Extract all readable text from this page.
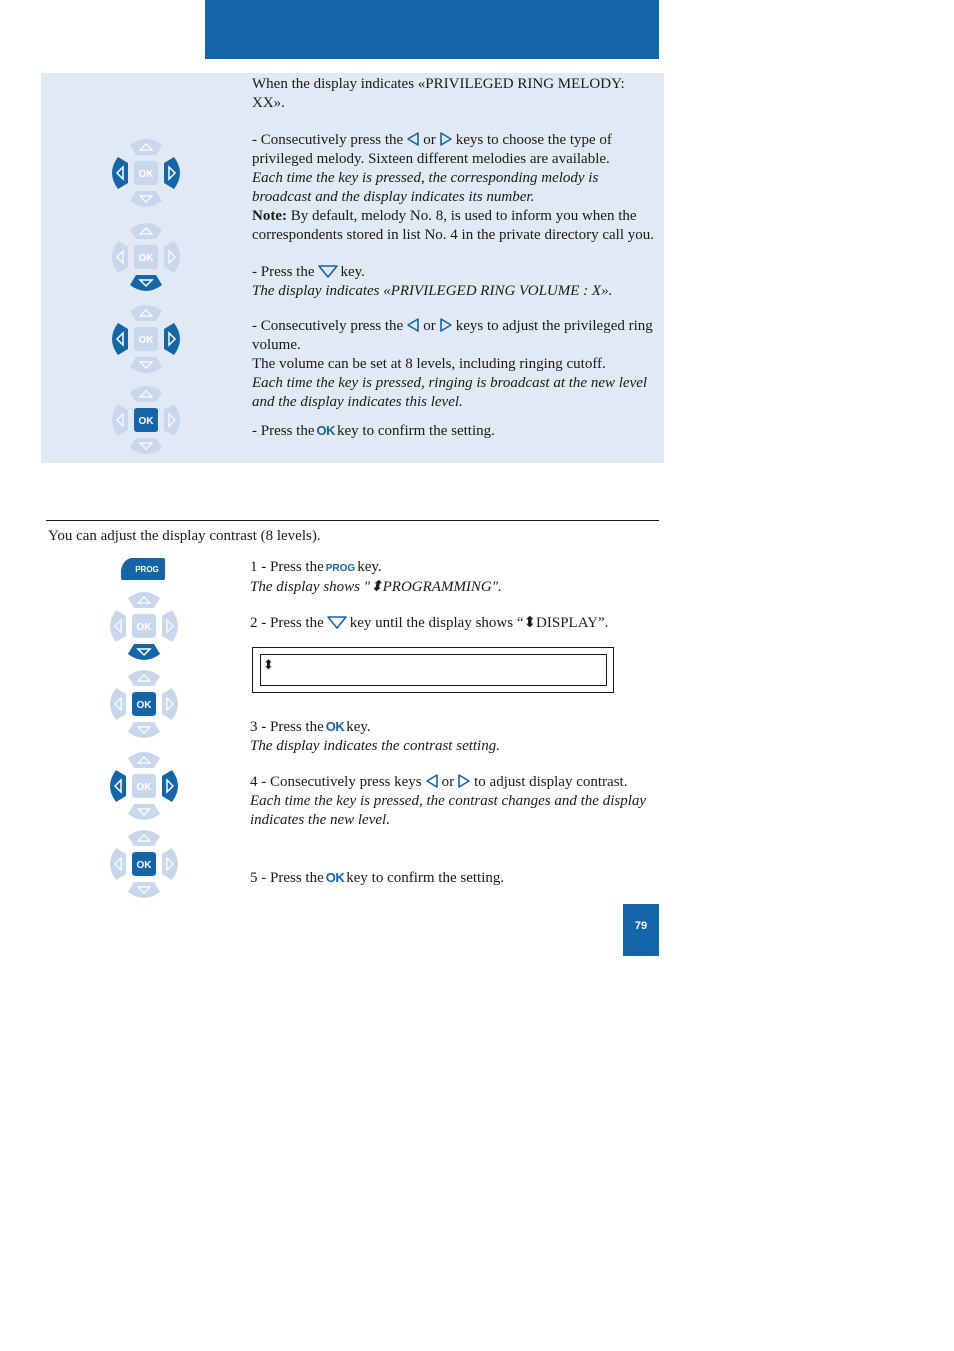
OK
OK
OK
OK

When the display indicates «PRIVILEGED RING MELODY: XX».

- Consecutively press the or keys to choose the type of privileged melody. Sixteen different melodies are available.

Each time the key is pressed, the corresponding melody is broadcast and the display indicates its number.

Note: By default, melody No. 8, is used to inform you when the correspondents stored in list No. 4 in the private directory call you.

- Press the key.

The display indicates «PRIVILEGED RING VOLUME : X».

- Consecutively press the or keys to adjust the privileged ring volume.

The volume can be set at 8 levels, including ringing cutoff.

Each time the key is pressed, ringing is broadcast at the new level and the display indicates this level.

- Press the OK key to confirm the setting.

You can adjust the display contrast (8 levels).
PROG
OK
OK
OK
OK

1 - Press the PROG key.

The display shows "⬍PROGRAMMING".

2 - Press the key until the display shows “⬍DISPLAY”.

⬍

3 - Press the OK key.

The display indicates the contrast setting.

4 - Consecutively press keys or to adjust display contrast.

Each time the key is pressed, the contrast changes and the display indicates the new level.

5 - Press the OK key to confirm the setting.

79
